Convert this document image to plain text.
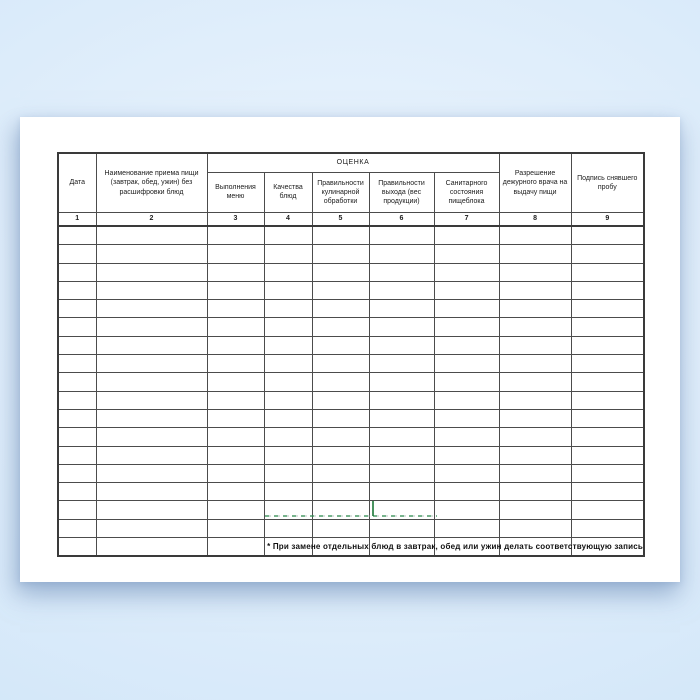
Дата	Наименование приема пищи (завтрак, обед, ужин) без расшифровки блюд	ОЦЕНКА					Разрешение дежурного врача на выдачу пищи	Подпись снявшего пробу
		Выполнения меню	Качества блюд	Правильности кулинарной обработки	Правильности выхода (вес продукции)	Санитарного состояния пищеблока		
1	2	3	4	5	6	7	8	9

* При замене отдельных блюд в завтрак, обед или ужин делать соответствующую запись
